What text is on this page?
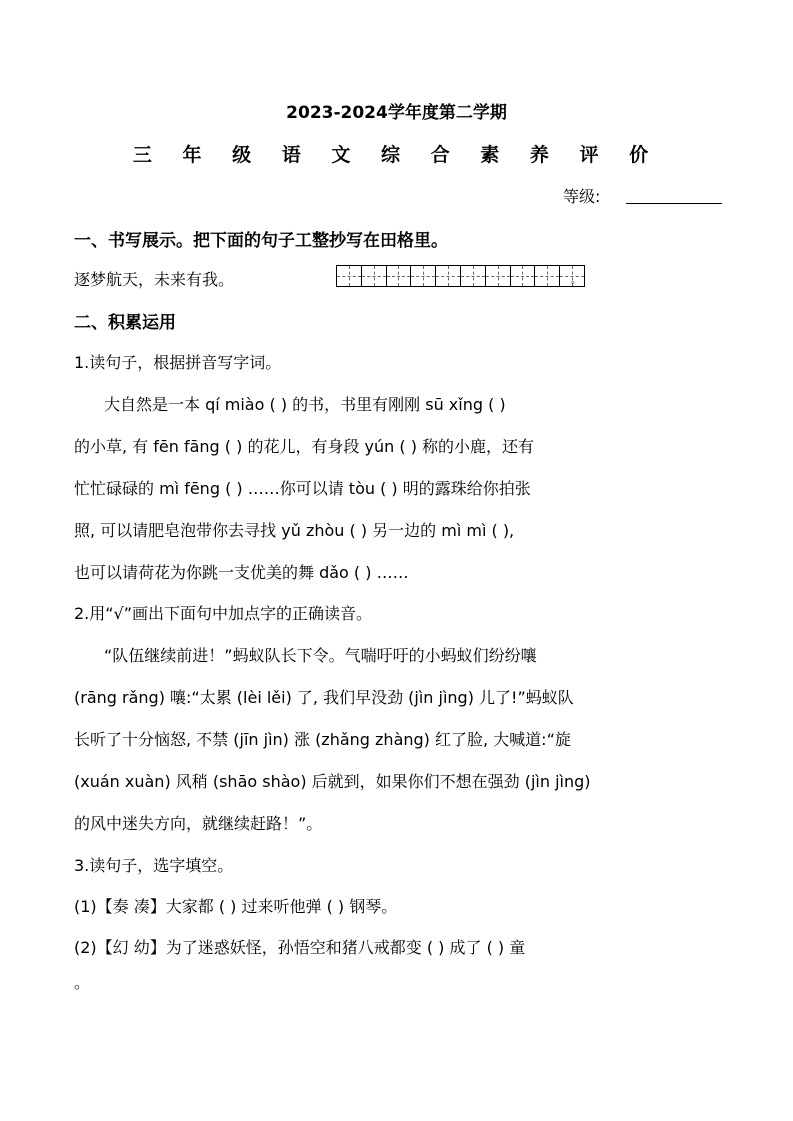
2023-2024学年度第二学期
三 年 级 语 文 综 合 素 养 评 价
等级:
一、书写展示。把下面的句子工整抄写在田格里。
逐梦航天，未来有我。	。
二、积累运用
1.读句子，根据拼音写字词。
大自然是一本 qí miào ( ) 的书，书里有刚刚 sū xǐng ( )
的小草, 有 fēn fāng ( ) 的花儿，有身段 yún ( ) 称的小鹿，还有
忙忙碌碌的 mì fēng ( ) ……你可以请 tòu ( ) 明的露珠给你拍张
照, 可以请肥皂泡带你去寻找 yǔ zhòu ( ) 另一边的 mì mì ( ),
也可以请荷花为你跳一支优美的舞 dǎo ( ) ……
2.用“√”画出下面句中加点字的正确读音。
“队伍继续前进！”蚂蚁队长下令。气喘吁吁的小蚂蚁们纷纷嚷
(rāng rǎng) 嚷:“太累 (lèi lěi) 了, 我们早没劲 (jìn jìng) 儿了!”蚂蚁队
长听了十分恼怒, 不禁 (jīn jìn) 涨 (zhǎng zhàng) 红了脸, 大喊道:“旋
(xuán xuàn) 风稍 (shāo shào) 后就到，如果你们不想在强劲 (jìn jìng)
的风中迷失方向，就继续赶路！”。
3.读句子，选字填空。
(1)【奏 凑】大家都 ( ) 过来听他弹 ( ) 钢琴。
(2)【幻 幼】为了迷惑妖怪，孙悟空和猪八戒都变 ( ) 成了 ( ) 童
。
